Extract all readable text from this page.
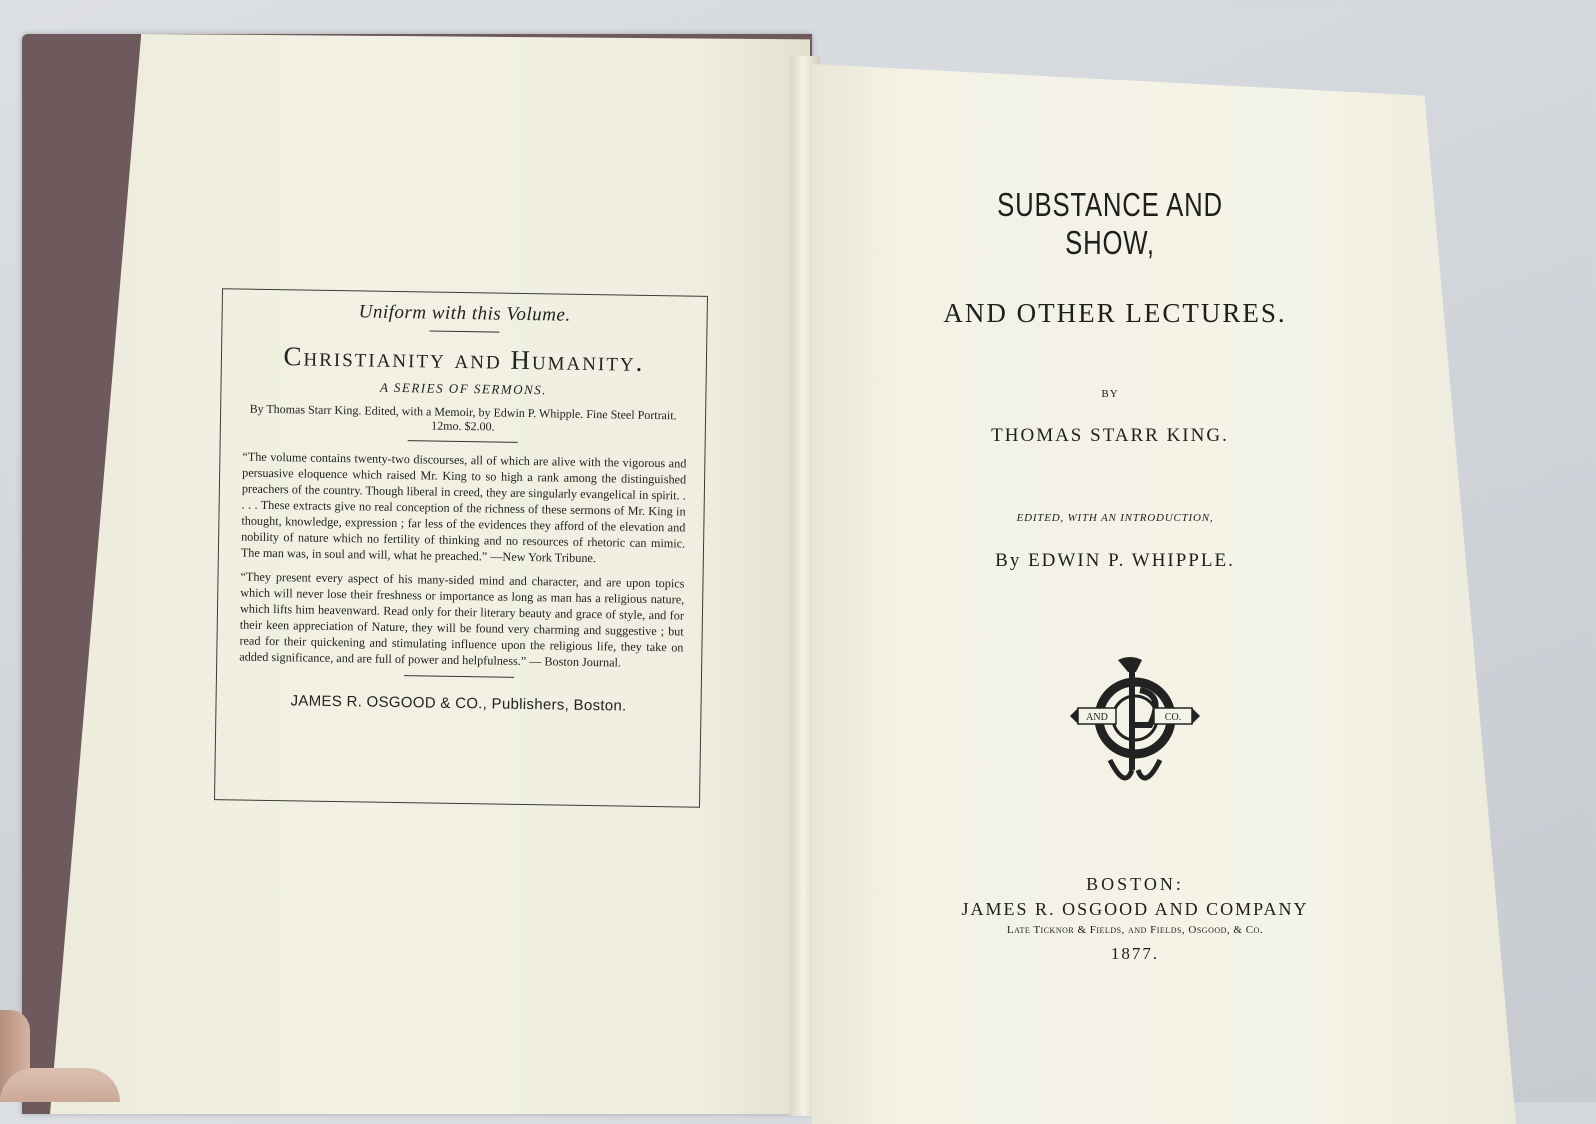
Uniform with this Volume.
Christianity and Humanity.
A SERIES OF SERMONS.
By Thomas Starr King. Edited, with a Memoir, by Edwin P. Whipple. Fine Steel Portrait. 12mo. $2.00.
“The volume contains twenty-two discourses, all of which are alive with the vigorous and persuasive eloquence which raised Mr. King to so high a rank among the distinguished preachers of the country. Though liberal in creed, they are singularly evangelical in spirit. . . . . These extracts give no real conception of the richness of these sermons of Mr. King in thought, knowledge, expression ; far less of the evidences they afford of the elevation and nobility of nature which no fertility of thinking and no resources of rhetoric can mimic. The man was, in soul and will, what he preached.” —New York Tribune.
“They present every aspect of his many-sided mind and character, and are upon topics which will never lose their freshness or importance as long as man has a religious nature, which lifts him heavenward. Read only for their literary beauty and grace of style, and for their keen appreciation of Nature, they will be found very charming and suggestive ; but read for their quickening and stimulating influence upon the religious life, they take on added significance, and are full of power and helpfulness.” — Boston Journal.
JAMES R. OSGOOD & CO., Publishers, Boston.
SUBSTANCE AND SHOW,
AND OTHER LECTURES.
BY
THOMAS STARR KING.
EDITED, WITH AN INTRODUCTION,
By EDWIN P. WHIPPLE.
AND	CO.
BOSTON:
JAMES R. OSGOOD AND COMPANY
Late Ticknor & Fields, and Fields, Osgood, & Co.
1877.
